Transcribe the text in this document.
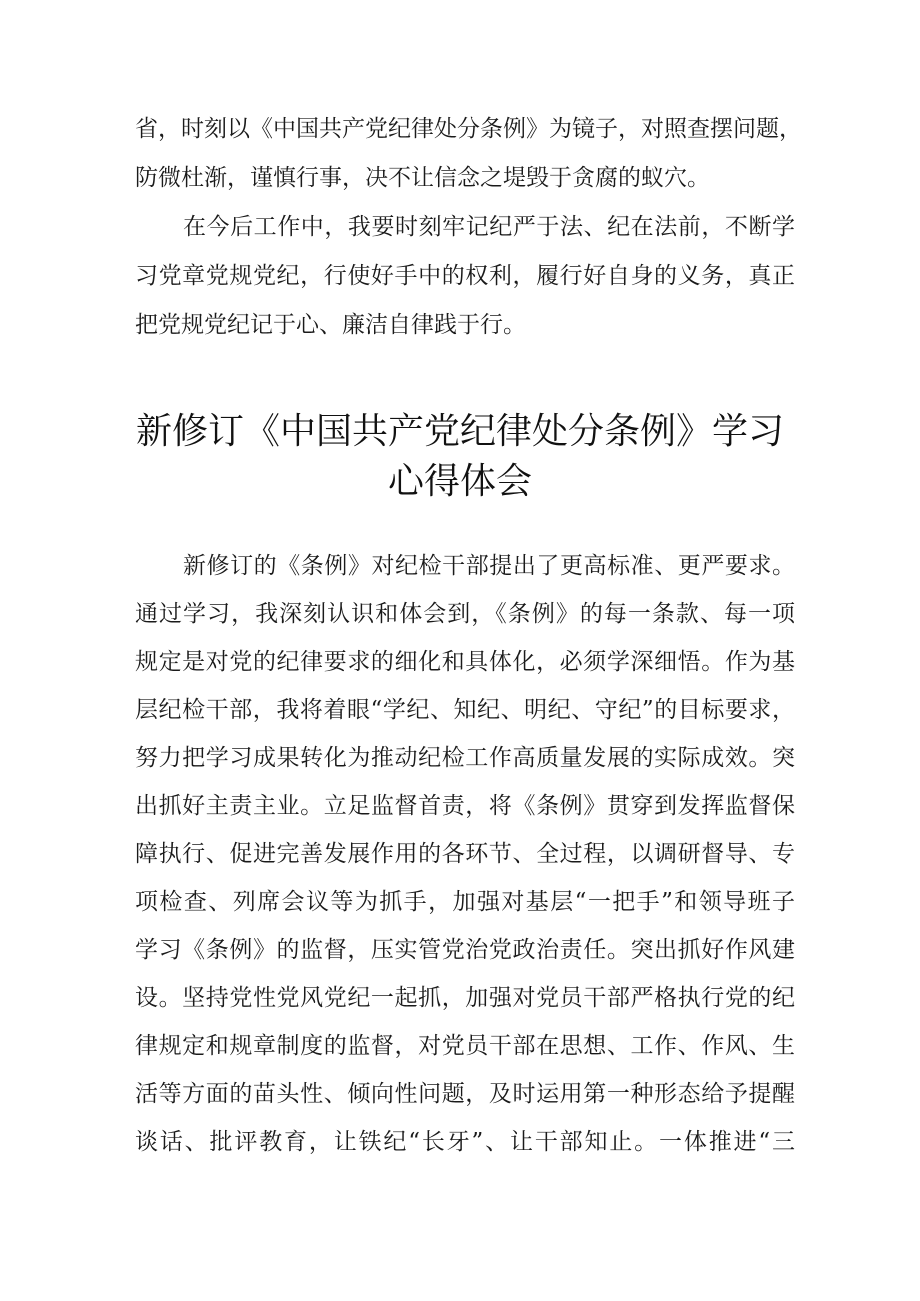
省，时刻以《中国共产党纪律处分条例》为镜子，对照查摆问题，
防微杜渐，谨慎行事，决不让信念之堤毁于贪腐的蚁穴。
在今后工作中，我要时刻牢记纪严于法、纪在法前，不断学
习党章党规党纪，行使好手中的权利，履行好自身的义务，真正
把党规党纪记于心、廉洁自律践于行。
新修订《中国共产党纪律处分条例》学习
心得体会
新修订的《条例》对纪检干部提出了更高标准、更严要求。
通过学习，我深刻认识和体会到，《条例》的每一条款、每一项
规定是对党的纪律要求的细化和具体化，必须学深细悟。作为基
层纪检干部，我将着眼“学纪、知纪、明纪、守纪”的目标要求，
努力把学习成果转化为推动纪检工作高质量发展的实际成效。突
出抓好主责主业。立足监督首责，将《条例》贯穿到发挥监督保
障执行、促进完善发展作用的各环节、全过程，以调研督导、专
项检查、列席会议等为抓手，加强对基层“一把手”和领导班子
学习《条例》的监督，压实管党治党政治责任。突出抓好作风建
设。坚持党性党风党纪一起抓，加强对党员干部严格执行党的纪
律规定和规章制度的监督，对党员干部在思想、工作、作风、生
活等方面的苗头性、倾向性问题，及时运用第一种形态给予提醒
谈话、批评教育，让铁纪“长牙”、让干部知止。一体推进“三
